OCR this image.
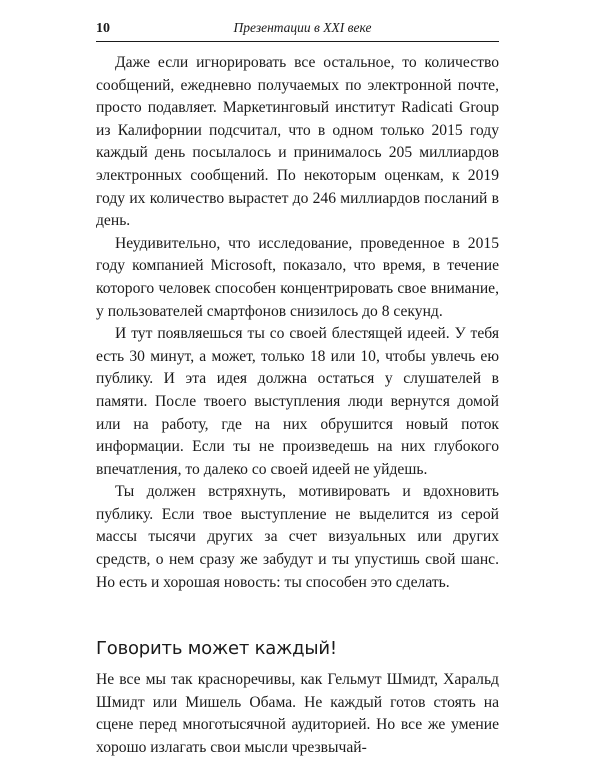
10	Презентации в XXI веке

Даже если игнорировать все остальное, то количество сообщений, ежедневно получаемых по электронной почте, просто подавляет. Маркетинговый институт Radicati Group из Калифорнии подсчитал, что в одном только 2015 году каждый день посылалось и принималось 205 миллиардов электронных сообщений. По некоторым оценкам, к 2019 году их количество вырастет до 246 миллиардов посланий в день.

Неудивительно, что исследование, проведенное в 2015 году компанией Microsoft, показало, что время, в течение которого человек способен концентрировать свое внимание, у пользователей смартфонов снизилось до 8 секунд.

И тут появляешься ты со своей блестящей идеей. У тебя есть 30 минут, а может, только 18 или 10, чтобы увлечь ею публику. И эта идея должна остаться у слушателей в памяти. После твоего выступления люди вернутся домой или на работу, где на них обрушится новый поток информации. Если ты не произведешь на них глубокого впечатления, то далеко со своей идеей не уйдешь.

Ты должен встряхнуть, мотивировать и вдохновить публику. Если твое выступление не выделится из серой массы тысячи других за счет визуальных или других средств, о нем сразу же забудут и ты упустишь свой шанс. Но есть и хорошая новость: ты способен это сделать.

Говорить может каждый!

Не все мы так красноречивы, как Гельмут Шмидт, Харальд Шмидт или Мишель Обама. Не каждый готов стоять на сцене перед многотысячной аудиторией. Но все же умение хорошо излагать свои мысли чрезвычай-
